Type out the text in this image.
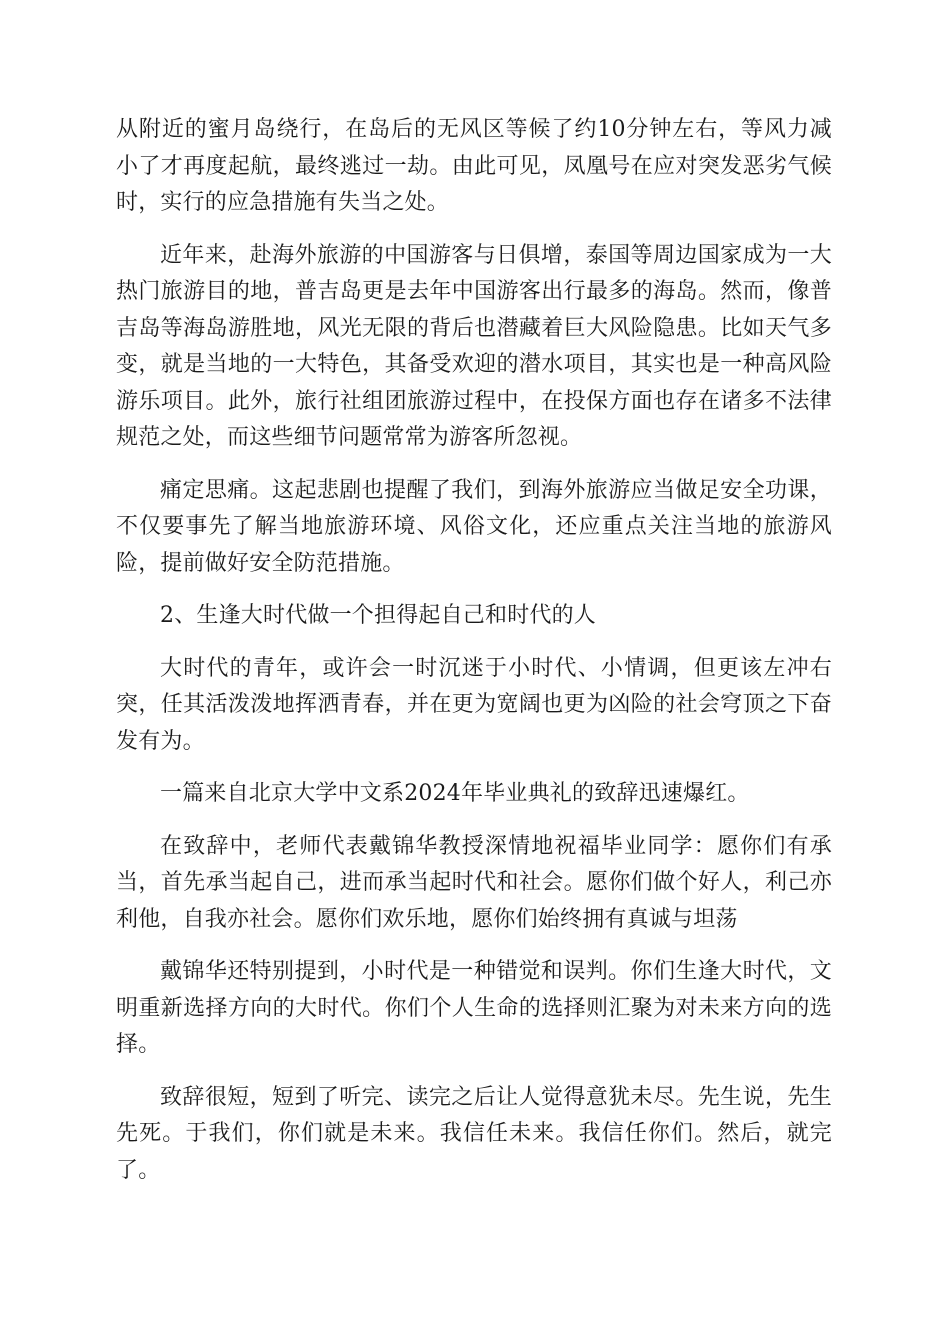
从附近的蜜月岛绕行，在岛后的无风区等候了约10分钟左右，等风力减小了才再度起航，最终逃过一劫。由此可见，凤凰号在应对突发恶劣气候时，实行的应急措施有失当之处。

近年来，赴海外旅游的中国游客与日俱增，泰国等周边国家成为一大热门旅游目的地，普吉岛更是去年中国游客出行最多的海岛。然而，像普吉岛等海岛游胜地，风光无限的背后也潜藏着巨大风险隐患。比如天气多变，就是当地的一大特色，其备受欢迎的潜水项目，其实也是一种高风险游乐项目。此外，旅行社组团旅游过程中，在投保方面也存在诸多不法律规范之处，而这些细节问题常常为游客所忽视。

痛定思痛。这起悲剧也提醒了我们，到海外旅游应当做足安全功课，不仅要事先了解当地旅游环境、风俗文化，还应重点关注当地的旅游风险，提前做好安全防范措施。

2、生逢大时代做一个担得起自己和时代的人

大时代的青年，或许会一时沉迷于小时代、小情调，但更该左冲右突，任其活泼泼地挥洒青春，并在更为宽阔也更为凶险的社会穹顶之下奋发有为。

一篇来自北京大学中文系2024年毕业典礼的致辞迅速爆红。

在致辞中，老师代表戴锦华教授深情地祝福毕业同学：愿你们有承当，首先承当起自己，进而承当起时代和社会。愿你们做个好人，利己亦利他，自我亦社会。愿你们欢乐地，愿你们始终拥有真诚与坦荡

戴锦华还特别提到，小时代是一种错觉和误判。你们生逢大时代，文明重新选择方向的大时代。你们个人生命的选择则汇聚为对未来方向的选择。

致辞很短，短到了听完、读完之后让人觉得意犹未尽。先生说，先生先死。于我们，你们就是未来。我信任未来。我信任你们。然后，就完了。
